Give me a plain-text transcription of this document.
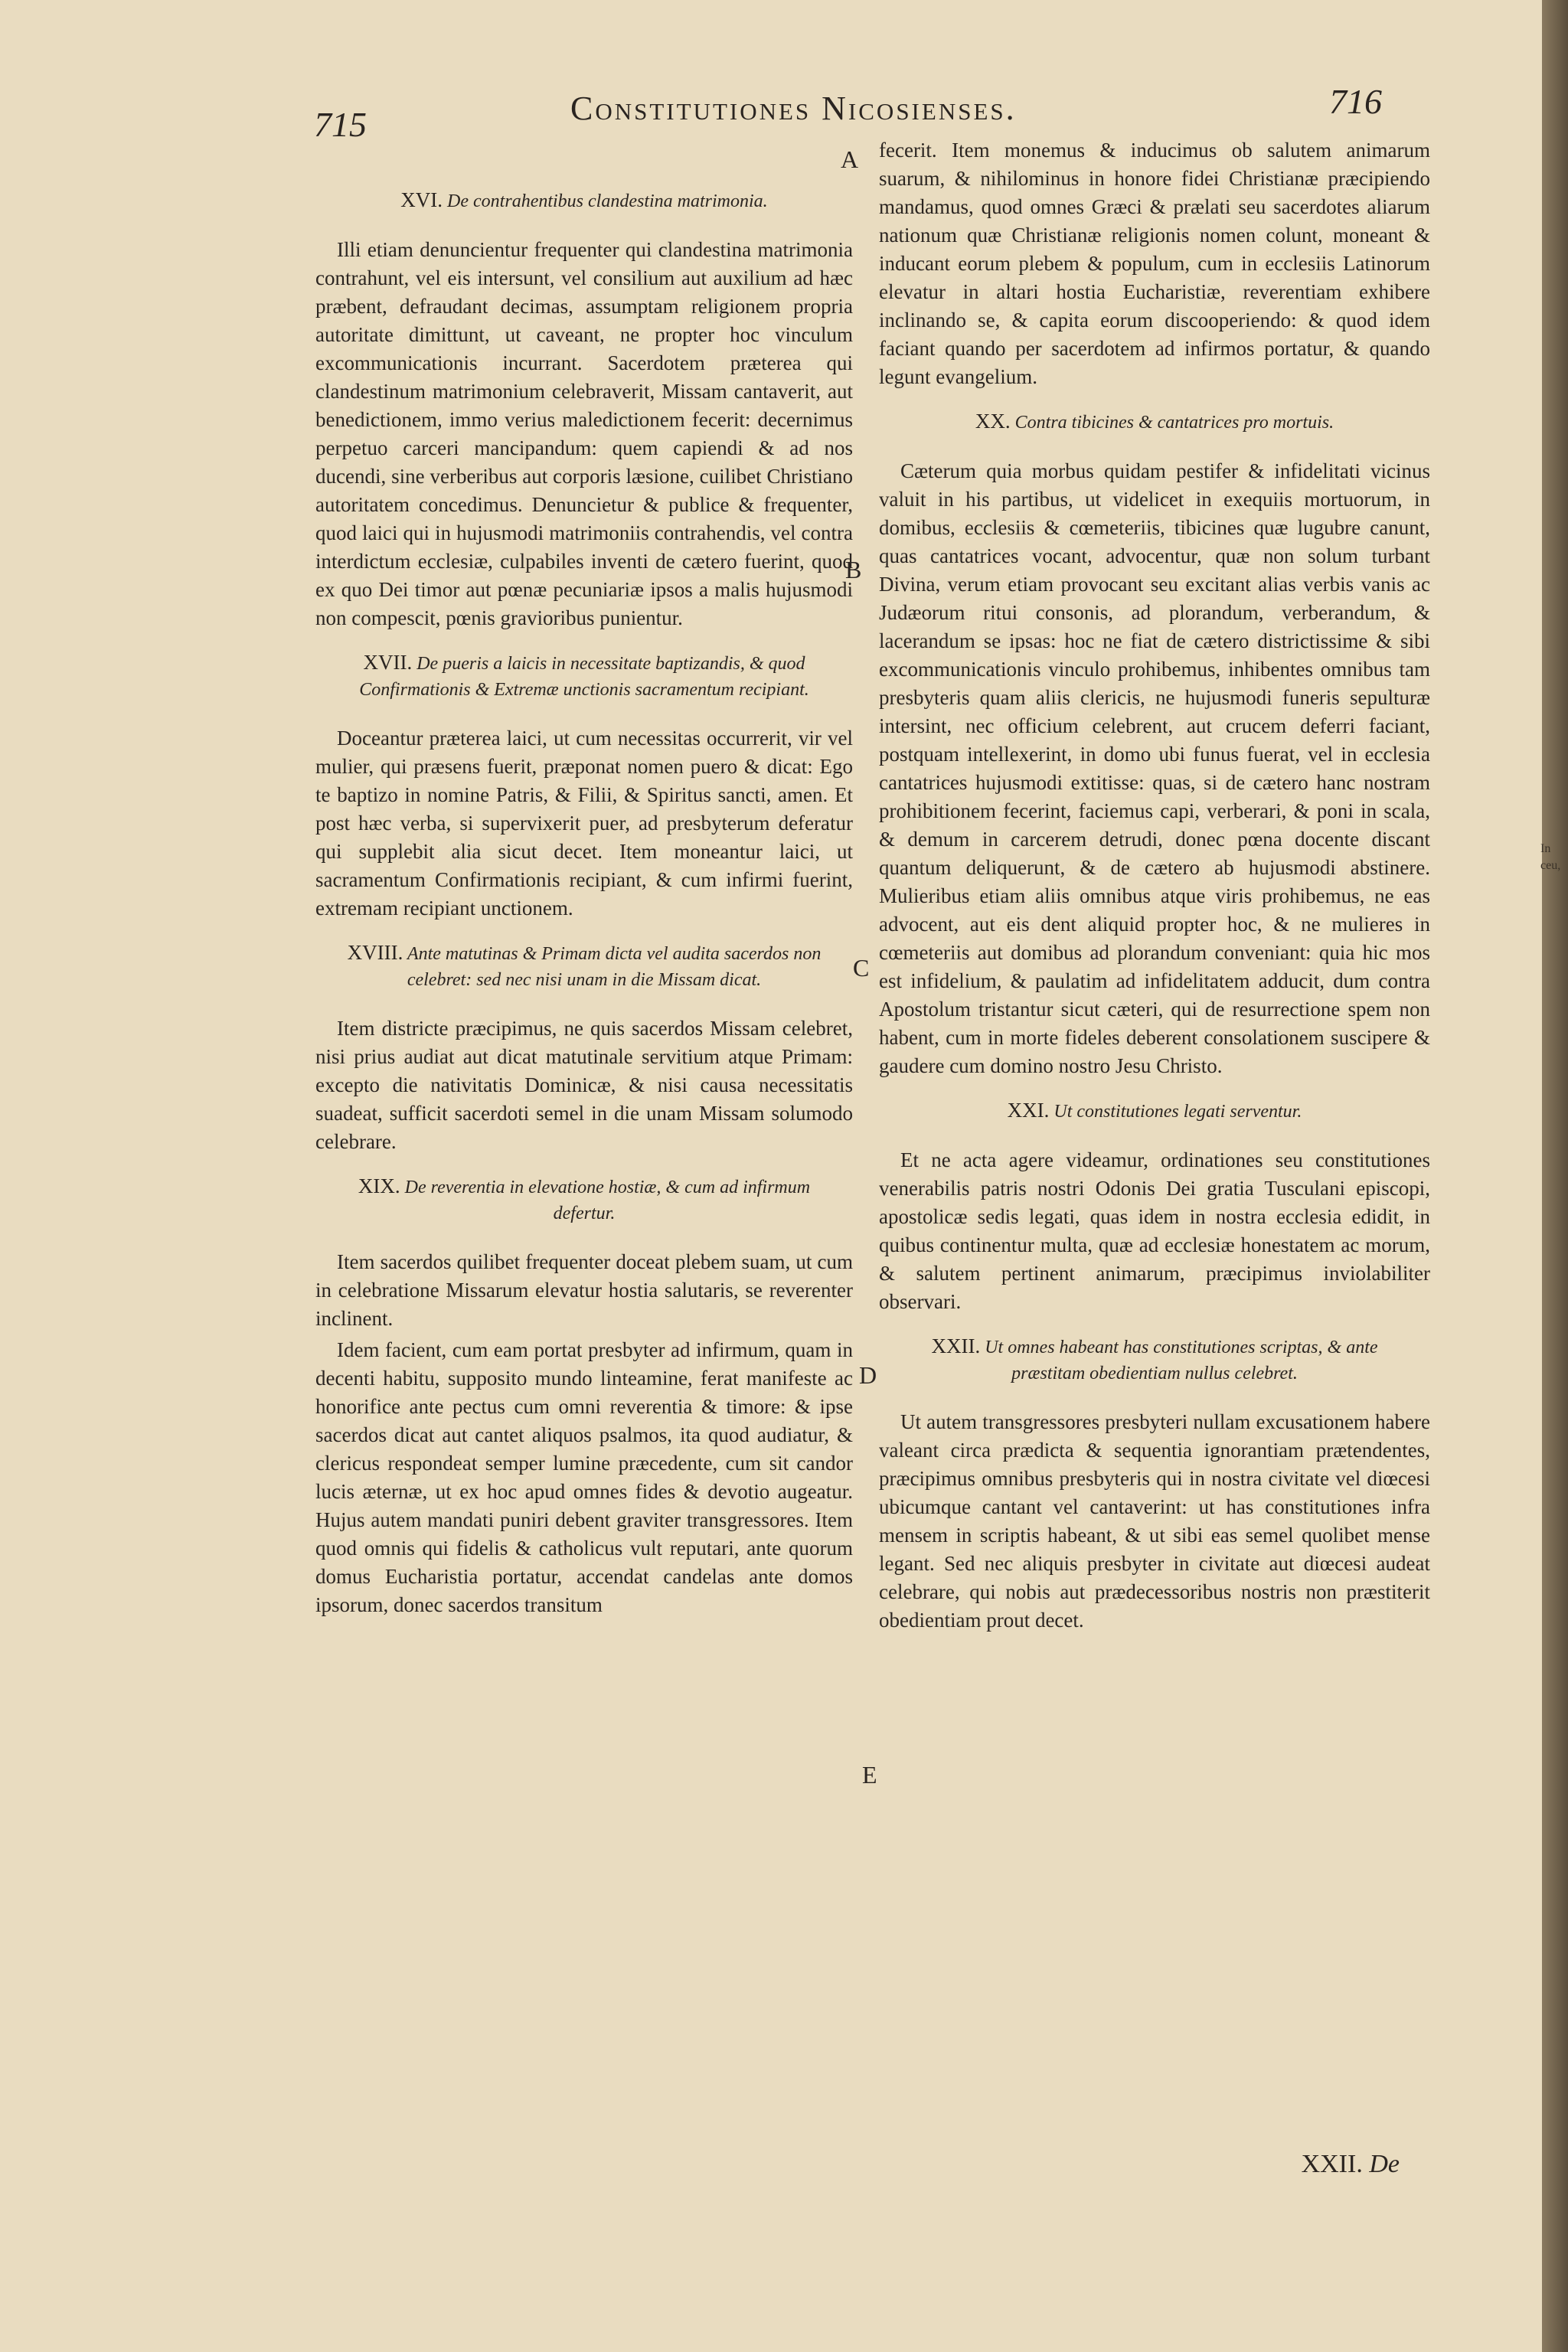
In ceu,
715	Constitutiones Nicosienses.	716
A
B
C
D
E
XVI. De contrahentibus clandestina matrimonia.

Illi etiam denuncientur frequenter qui clandestina matrimonia contrahunt, vel eis intersunt, vel consilium aut auxilium ad hæc præbent, defraudant decimas, assumptam religionem propria autoritate dimittunt, ut caveant, ne propter hoc vinculum excommunicationis incurrant. Sacerdotem præterea qui clandestinum matrimonium celebraverit, Missam cantaverit, aut benedictionem, immo verius maledictionem fecerit: decernimus perpetuo carceri mancipandum: quem capiendi & ad nos ducendi, sine verberibus aut corporis læsione, cuilibet Christiano autoritatem concedimus. Denuncietur & publice & frequenter, quod laici qui in hujusmodi matrimoniis contrahendis, vel contra interdictum ecclesiæ, culpabiles inventi de cætero fuerint, quod ex quo Dei timor aut pœnæ pecuniariæ ipsos a malis hujusmodi non compescit, pœnis gravioribus punientur.

XVII. De pueris a laicis in necessitate baptizandis, & quod Confirmationis & Extremæ unctionis sacramentum recipiant.

Doceantur præterea laici, ut cum necessitas occurrerit, vir vel mulier, qui præsens fuerit, præponat nomen puero & dicat: Ego te baptizo in nomine Patris, & Filii, & Spiritus sancti, amen. Et post hæc verba, si supervixerit puer, ad presbyterum deferatur qui supplebit alia sicut decet. Item moneantur laici, ut sacramentum Confirmationis recipiant, & cum infirmi fuerint, extremam recipiant unctionem.

XVIII. Ante matutinas & Primam dicta vel audita sacerdos non celebret: sed nec nisi unam in die Missam dicat.

Item districte præcipimus, ne quis sacerdos Missam celebret, nisi prius audiat aut dicat matutinale servitium atque Primam: excepto die nativitatis Dominicæ, & nisi causa necessitatis suadeat, sufficit sacerdoti semel in die unam Missam solumodo celebrare.

XIX. De reverentia in elevatione hostiæ, & cum ad infirmum defertur.

Item sacerdos quilibet frequenter doceat plebem suam, ut cum in celebratione Missarum elevatur hostia salutaris, se reverenter inclinent.

Idem facient, cum eam portat presbyter ad infirmum, quam in decenti habitu, supposito mundo linteamine, ferat manifeste ac honorifice ante pectus cum omni reverentia & timore: & ipse sacerdos dicat aut cantet aliquos psalmos, ita quod audiatur, & clericus respondeat semper lumine præcedente, cum sit candor lucis æternæ, ut ex hoc apud omnes fides & devotio augeatur. Hujus autem mandati puniri debent graviter transgressores. Item quod omnis qui fidelis & catholicus vult reputari, ante quorum domus Eucharistia portatur, accendat candelas ante domos ipsorum, donec sacerdos transitum

fecerit. Item monemus & inducimus ob salutem animarum suarum, & nihilominus in honore fidei Christianæ præcipiendo mandamus, quod omnes Græci & prælati seu sacerdotes aliarum nationum quæ Christianæ religionis nomen colunt, moneant & inducant eorum plebem & populum, cum in ecclesiis Latinorum elevatur in altari hostia Eucharistiæ, reverentiam exhibere inclinando se, & capita eorum discooperiendo: & quod idem faciant quando per sacerdotem ad infirmos portatur, & quando legunt evangelium.

XX. Contra tibicines & cantatrices pro mortuis.

Cæterum quia morbus quidam pestifer & infidelitati vicinus valuit in his partibus, ut videlicet in exequiis mortuorum, in domibus, ecclesiis & cœmeteriis, tibicines quæ lugubre canunt, quas cantatrices vocant, advocentur, quæ non solum turbant Divina, verum etiam provocant seu excitant alias verbis vanis ac Judæorum ritui consonis, ad plorandum, verberandum, & lacerandum se ipsas: hoc ne fiat de cætero districtissime & sibi excommunicationis vinculo prohibemus, inhibentes omnibus tam presbyteris quam aliis clericis, ne hujusmodi funeris sepulturæ intersint, nec officium celebrent, aut crucem deferri faciant, postquam intellexerint, in domo ubi funus fuerat, vel in ecclesia cantatrices hujusmodi extitisse: quas, si de cætero hanc nostram prohibitionem fecerint, faciemus capi, verberari, & poni in scala, & demum in carcerem detrudi, donec pœna docente discant quantum deliquerunt, & de cætero ab hujusmodi abstinere. Mulieribus etiam aliis omnibus atque viris prohibemus, ne eas advocent, aut eis dent aliquid propter hoc, & ne mulieres in cœmeteriis aut domibus ad plorandum conveniant: quia hic mos est infidelium, & paulatim ad infidelitatem adducit, dum contra Apostolum tristantur sicut cæteri, qui de resurrectione spem non habent, cum in morte fideles deberent consolationem suscipere & gaudere cum domino nostro Jesu Christo.

XXI. Ut constitutiones legati serventur.

Et ne acta agere videamur, ordinationes seu constitutiones venerabilis patris nostri Odonis Dei gratia Tusculani episcopi, apostolicæ sedis legati, quas idem in nostra ecclesia edidit, in quibus continentur multa, quæ ad ecclesiæ honestatem ac morum, & salutem pertinent animarum, præcipimus inviolabiliter observari.

XXII. Ut omnes habeant has constitutiones scriptas, & ante præstitam obedientiam nullus celebret.

Ut autem transgressores presbyteri nullam excusationem habere valeant circa prædicta & sequentia ignorantiam prætendentes, præcipimus omnibus presbyteris qui in nostra civitate vel diœcesi ubicumque cantant vel cantaverint: ut has constitutiones infra mensem in scriptis habeant, & ut sibi eas semel quolibet mense legant. Sed nec aliquis presbyter in civitate aut diœcesi audeat celebrare, qui nobis aut prædecessoribus nostris non præstiterit obedientiam prout decet.

XXII. De
